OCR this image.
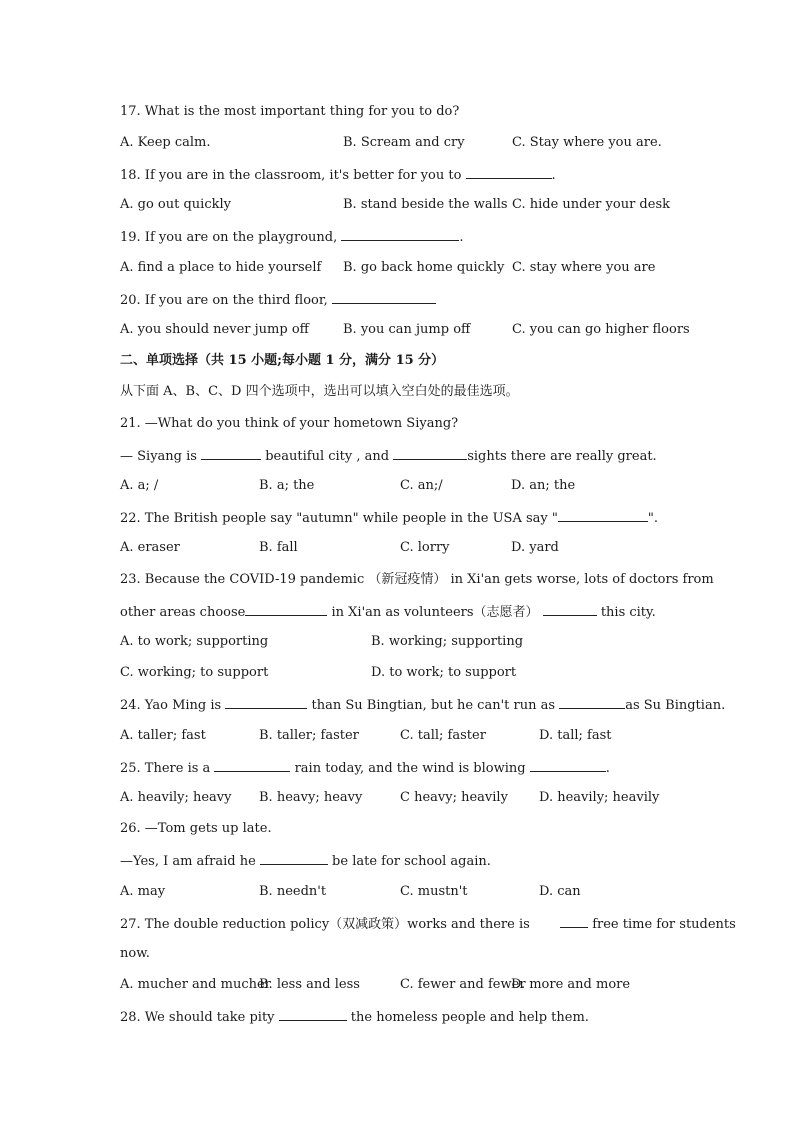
17. What is the most important thing for you to do?
A. Keep calm.	B. Scream and cry	C. Stay where you are.
18. If you are in the classroom, it's better for you to	.
A. go out quickly	B. stand beside the walls C. hide under your desk
19. If you are on the playground,	.
A. find a place to hide yourself B. go back home quickly C. stay where you are
20. If you are on the third floor,
A. you should never jump off	B. you can jump off	C. you can go higher floors
二、单项选择（共 15 小题;每小题 1 分，满分 15 分）
从下面 A、B、C、D 四个选项中，选出可以填入空白处的最佳选项。
21. —What do you think of your hometown Siyang?
— Siyang is	beautiful city , and	sights there are really great.
A. a; /	B. a; the	C. an;/	D. an; the
22. The British people say "autumn" while people in the USA say "	".
A. eraser	B. fall	C. lorry	D. yard
23. Because the COVID-19 pandemic （新冠疫情） in Xi'an gets worse, lots of doctors from
other areas choose	in Xi'an as volunteers（志愿者）	this city.
A. to work; supporting	B. working; supporting
C. working; to support	D. to work; to support
24. Yao Ming is	than Su Bingtian, but he can't run as	as Su Bingtian.
A. taller; fast	B. taller; faster	C. tall; faster	D. tall; fast
25. There is a	rain today, and the wind is blowing	.
A. heavily; heavy B. heavy; heavy	C heavy; heavily D. heavily; heavily
26. —Tom gets up late.
—Yes, I am afraid he	be late for school again.
A. may	B. needn't	C. mustn't	D. can
27. The double reduction policy（双减政策）works and there is	free time for students
now.
A. mucher and mucher
B. less and less	C. fewer and fewer
D. more and more
28. We should take pity	the homeless people and help them.
